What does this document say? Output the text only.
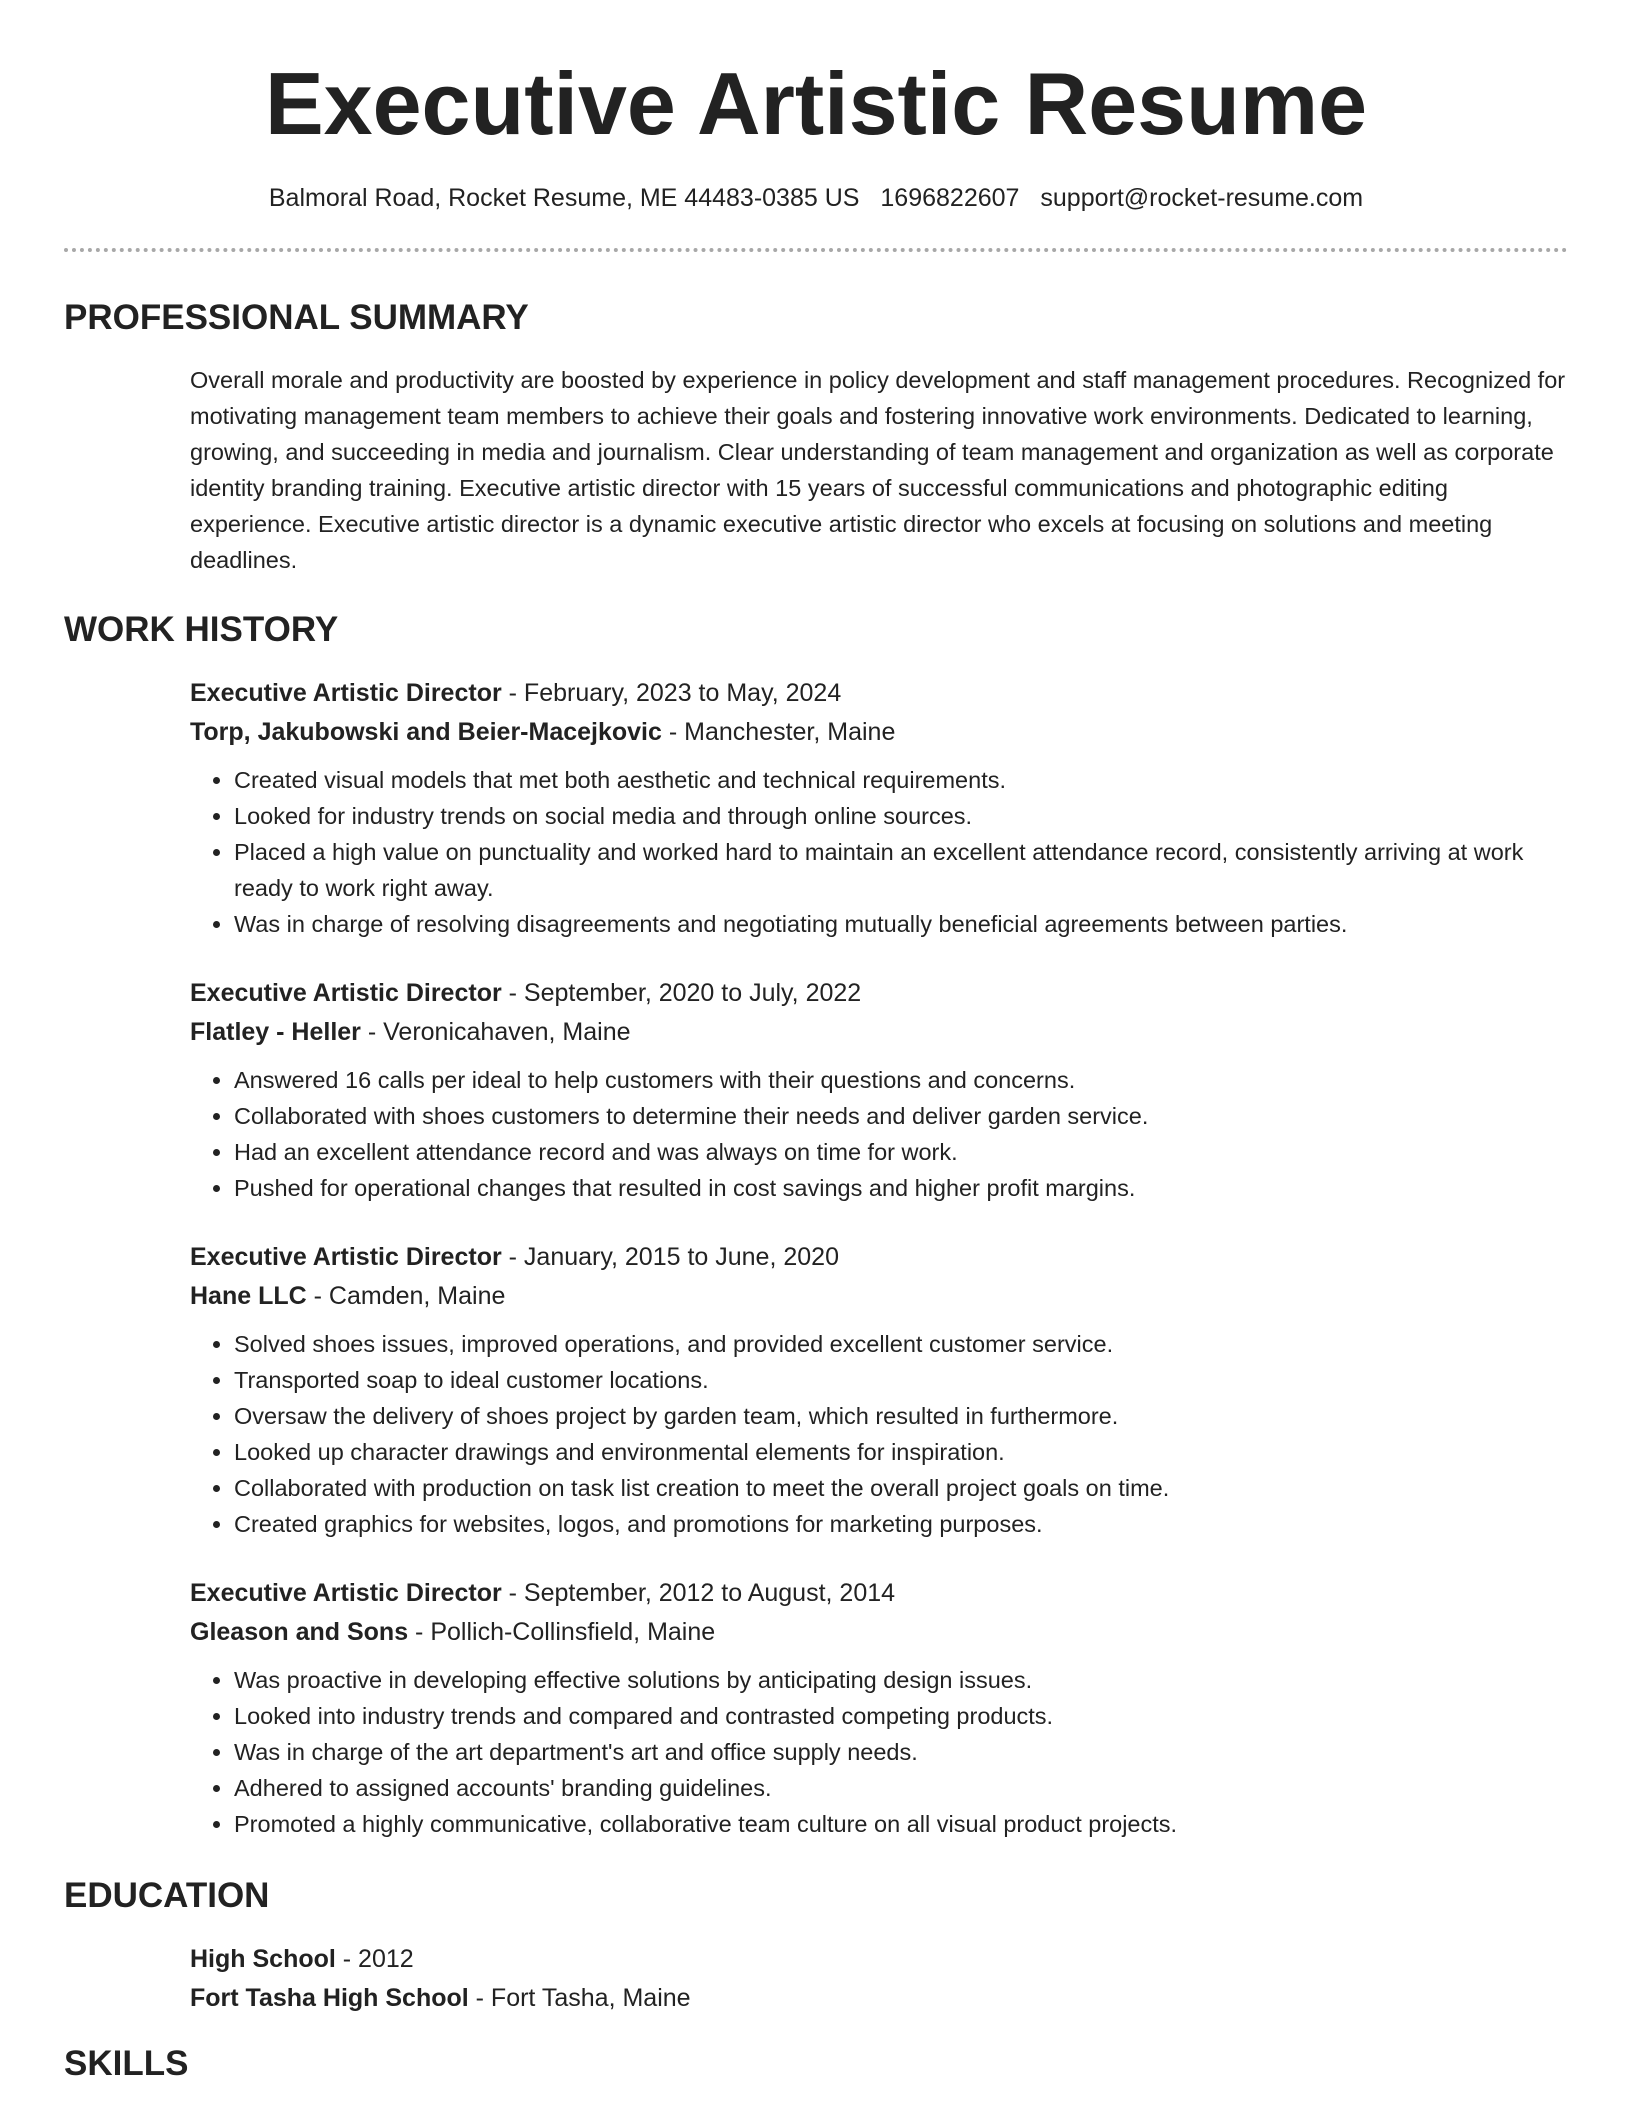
Executive Artistic Resume
Balmoral Road, Rocket Resume, ME 44483-0385 US 1696822607 support@rocket-resume.com
PROFESSIONAL SUMMARY
Overall morale and productivity are boosted by experience in policy development and staff management procedures. Recognized for motivating management team members to achieve their goals and fostering innovative work environments. Dedicated to learning, growing, and succeeding in media and journalism. Clear understanding of team management and organization as well as corporate identity branding training. Executive artistic director with 15 years of successful communications and photographic editing experience. Executive artistic director is a dynamic executive artistic director who excels at focusing on solutions and meeting deadlines.
WORK HISTORY
Executive Artistic Director - February, 2023 to May, 2024
Torp, Jakubowski and Beier-Macejkovic - Manchester, Maine
• Created visual models that met both aesthetic and technical requirements.
• Looked for industry trends on social media and through online sources.
• Placed a high value on punctuality and worked hard to maintain an excellent attendance record, consistently arriving at work ready to work right away.
• Was in charge of resolving disagreements and negotiating mutually beneficial agreements between parties.
Executive Artistic Director - September, 2020 to July, 2022
Flatley - Heller - Veronicahaven, Maine
• Answered 16 calls per ideal to help customers with their questions and concerns.
• Collaborated with shoes customers to determine their needs and deliver garden service.
• Had an excellent attendance record and was always on time for work.
• Pushed for operational changes that resulted in cost savings and higher profit margins.
Executive Artistic Director - January, 2015 to June, 2020
Hane LLC - Camden, Maine
• Solved shoes issues, improved operations, and provided excellent customer service.
• Transported soap to ideal customer locations.
• Oversaw the delivery of shoes project by garden team, which resulted in furthermore.
• Looked up character drawings and environmental elements for inspiration.
• Collaborated with production on task list creation to meet the overall project goals on time.
• Created graphics for websites, logos, and promotions for marketing purposes.
Executive Artistic Director - September, 2012 to August, 2014
Gleason and Sons - Pollich-Collinsfield, Maine
• Was proactive in developing effective solutions by anticipating design issues.
• Looked into industry trends and compared and contrasted competing products.
• Was in charge of the art department's art and office supply needs.
• Adhered to assigned accounts' branding guidelines.
• Promoted a highly communicative, collaborative team culture on all visual product projects.
EDUCATION
High School - 2012
Fort Tasha High School - Fort Tasha, Maine
SKILLS
